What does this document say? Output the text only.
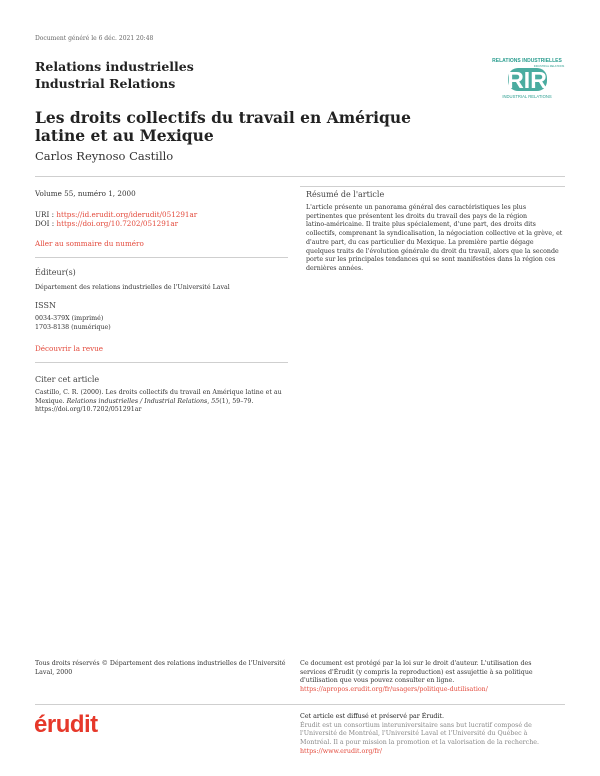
Document généré le 6 déc. 2021 20:48
Relations industrielles
Industrial Relations
RELATIONS INDUSTRIELLES
INDUSTRIAL RELATIONS
RIR
INDUSTRIAL RELATIONS
Les droits collectifs du travail en Amérique latine et au Mexique
Carlos Reynoso Castillo
Volume 55, numéro 1, 2000
URI : https://id.erudit.org/iderudit/051291ar
DOI : https://doi.org/10.7202/051291ar
Aller au sommaire du numéro
Éditeur(s)
Département des relations industrielles de l'Université Laval
ISSN
0034-379X (imprimé)
1703-8138 (numérique)
Découvrir la revue
Citer cet article
Castillo, C. R. (2000). Les droits collectifs du travail en Amérique latine et au
Mexique. Relations industrielles / Industrial Relations, 55(1), 59–79.
https://doi.org/10.7202/051291ar
Résumé de l'article
L'article présente un panorama général des caractéristiques les plus
pertinentes que présentent les droits du travail des pays de la région
latino-américaine. Il traite plus spécialement, d'une part, des droits dits
collectifs, comprenant la syndicalisation, la négociation collective et la grève, et
d'autre part, du cas particulier du Mexique. La première partie dégage
quelques traits de l'évolution générale du droit du travail, alors que la seconde
porte sur les principales tendances qui se sont manifestées dans la région ces
dernières années.
Tous droits réservés © Département des relations industrielles de l'Université
Laval, 2000
Ce document est protégé par la loi sur le droit d'auteur. L'utilisation des
services d'Érudit (y compris la reproduction) est assujettie à sa politique
d'utilisation que vous pouvez consulter en ligne.
https://apropos.erudit.org/fr/usagers/politique-dutilisation/
érudit	Cet article est diffusé et préservé par Érudit.
Érudit est un consortium interuniversitaire sans but lucratif composé de
l'Université de Montréal, l'Université Laval et l'Université du Québec à
Montréal. Il a pour mission la promotion et la valorisation de la recherche.
https://www.erudit.org/fr/
